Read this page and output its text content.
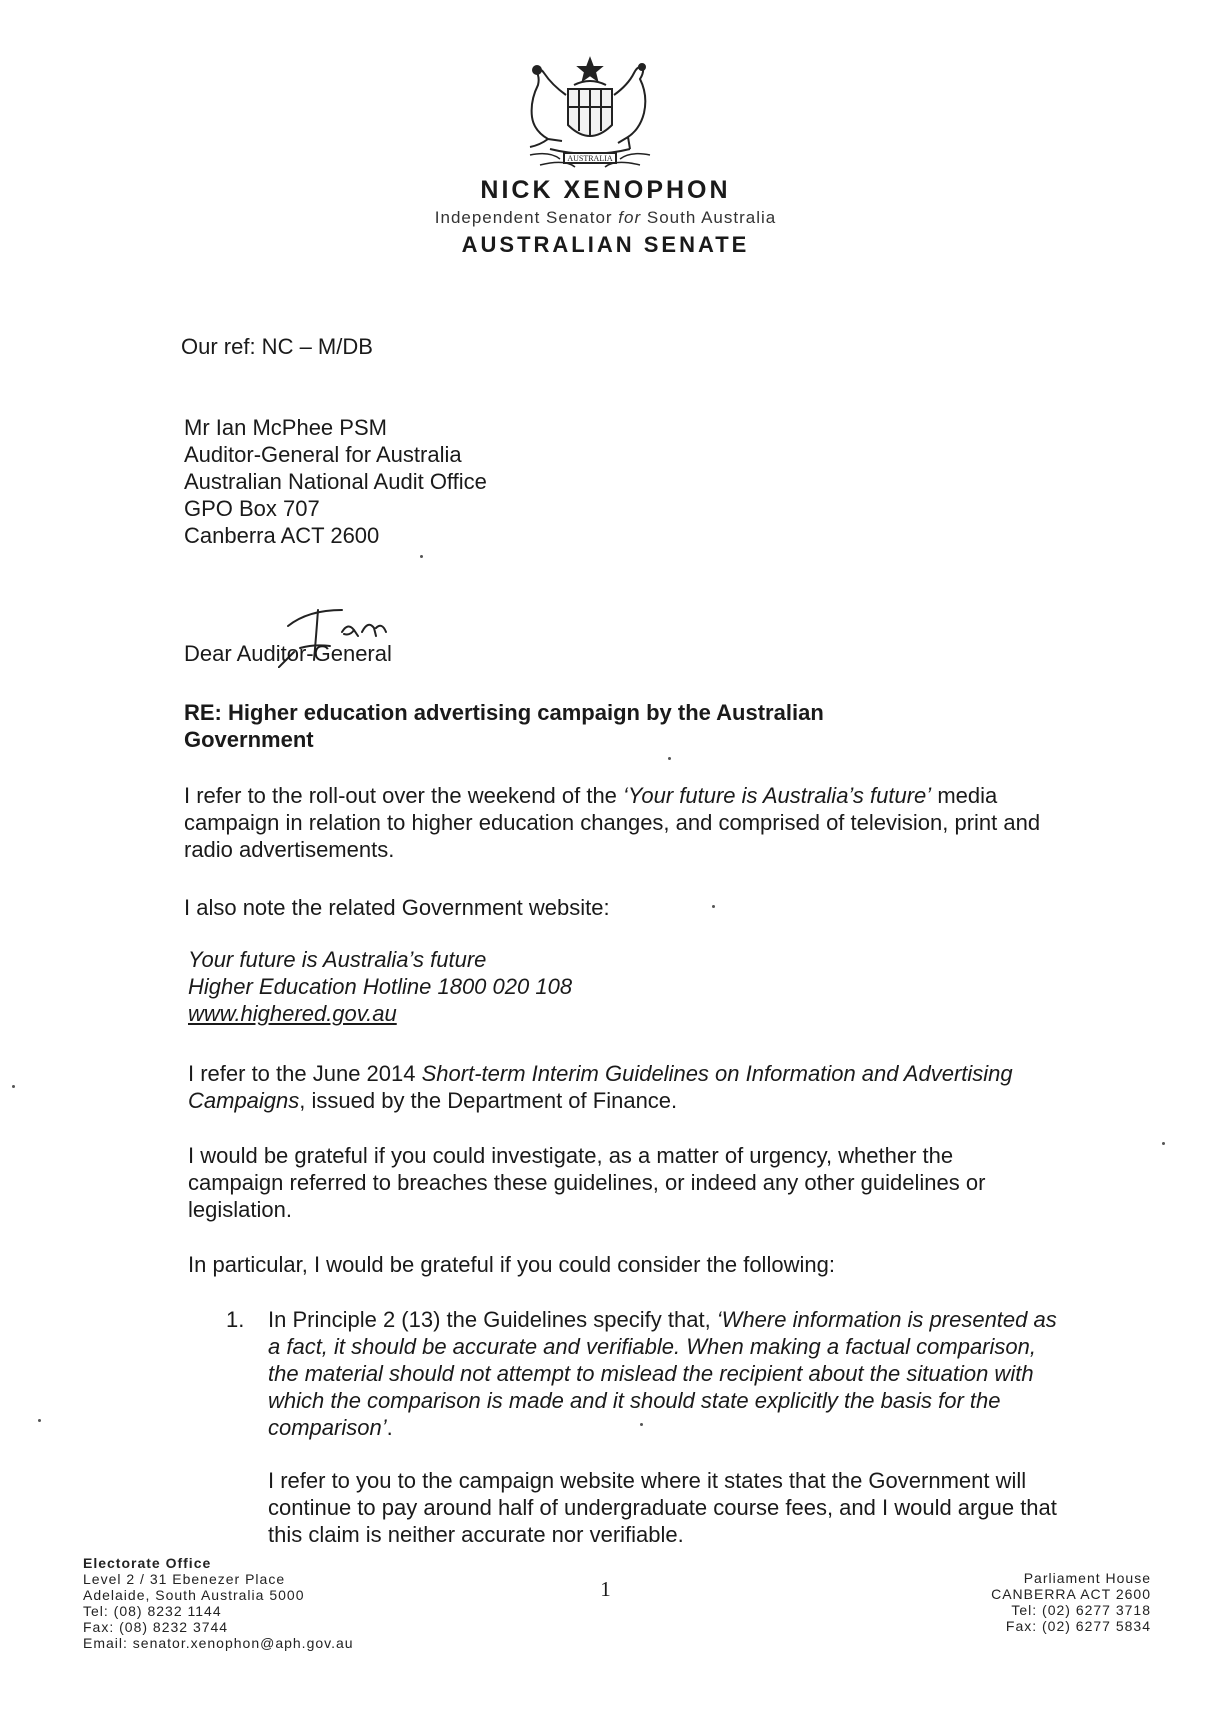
AUSTRALIA
NICK XENOPHON
Independent Senator for South Australia
AUSTRALIAN SENATE
Our ref: NC – M/DB
Mr Ian McPhee PSM
Auditor-General for Australia
Australian National Audit Office
GPO Box 707
Canberra ACT 2600
Dear Auditor-General
RE: Higher education advertising campaign by the Australian
Government
I refer to the roll-out over the weekend of the ‘Your future is Australia’s future’ media campaign in relation to higher education changes, and comprised of television, print and radio advertisements.
I also note the related Government website:
Your future is Australia’s future
Higher Education Hotline 1800 020 108
www.highered.gov.au
I refer to the June 2014 Short-term Interim Guidelines on Information and Advertising Campaigns, issued by the Department of Finance.
I would be grateful if you could investigate, as a matter of urgency, whether the campaign referred to breaches these guidelines, or indeed any other guidelines or legislation.
In particular, I would be grateful if you could consider the following:
1. In Principle 2 (13) the Guidelines specify that, ‘Where information is presented as a fact, it should be accurate and verifiable. When making a factual comparison, the material should not attempt to mislead the recipient about the situation with which the comparison is made and it should state explicitly the basis for the comparison’.
I refer to you to the campaign website where it states that the Government will continue to pay around half of undergraduate course fees, and I would argue that this claim is neither accurate nor verifiable.
Electorate Office
Level 2 / 31 Ebenezer Place
Adelaide, South Australia 5000
Tel: (08) 8232 1144
Fax: (08) 8232 3744
Email: senator.xenophon@aph.gov.au
1	Parliament House
CANBERRA ACT 2600
Tel: (02) 6277 3718
Fax: (02) 6277 5834
